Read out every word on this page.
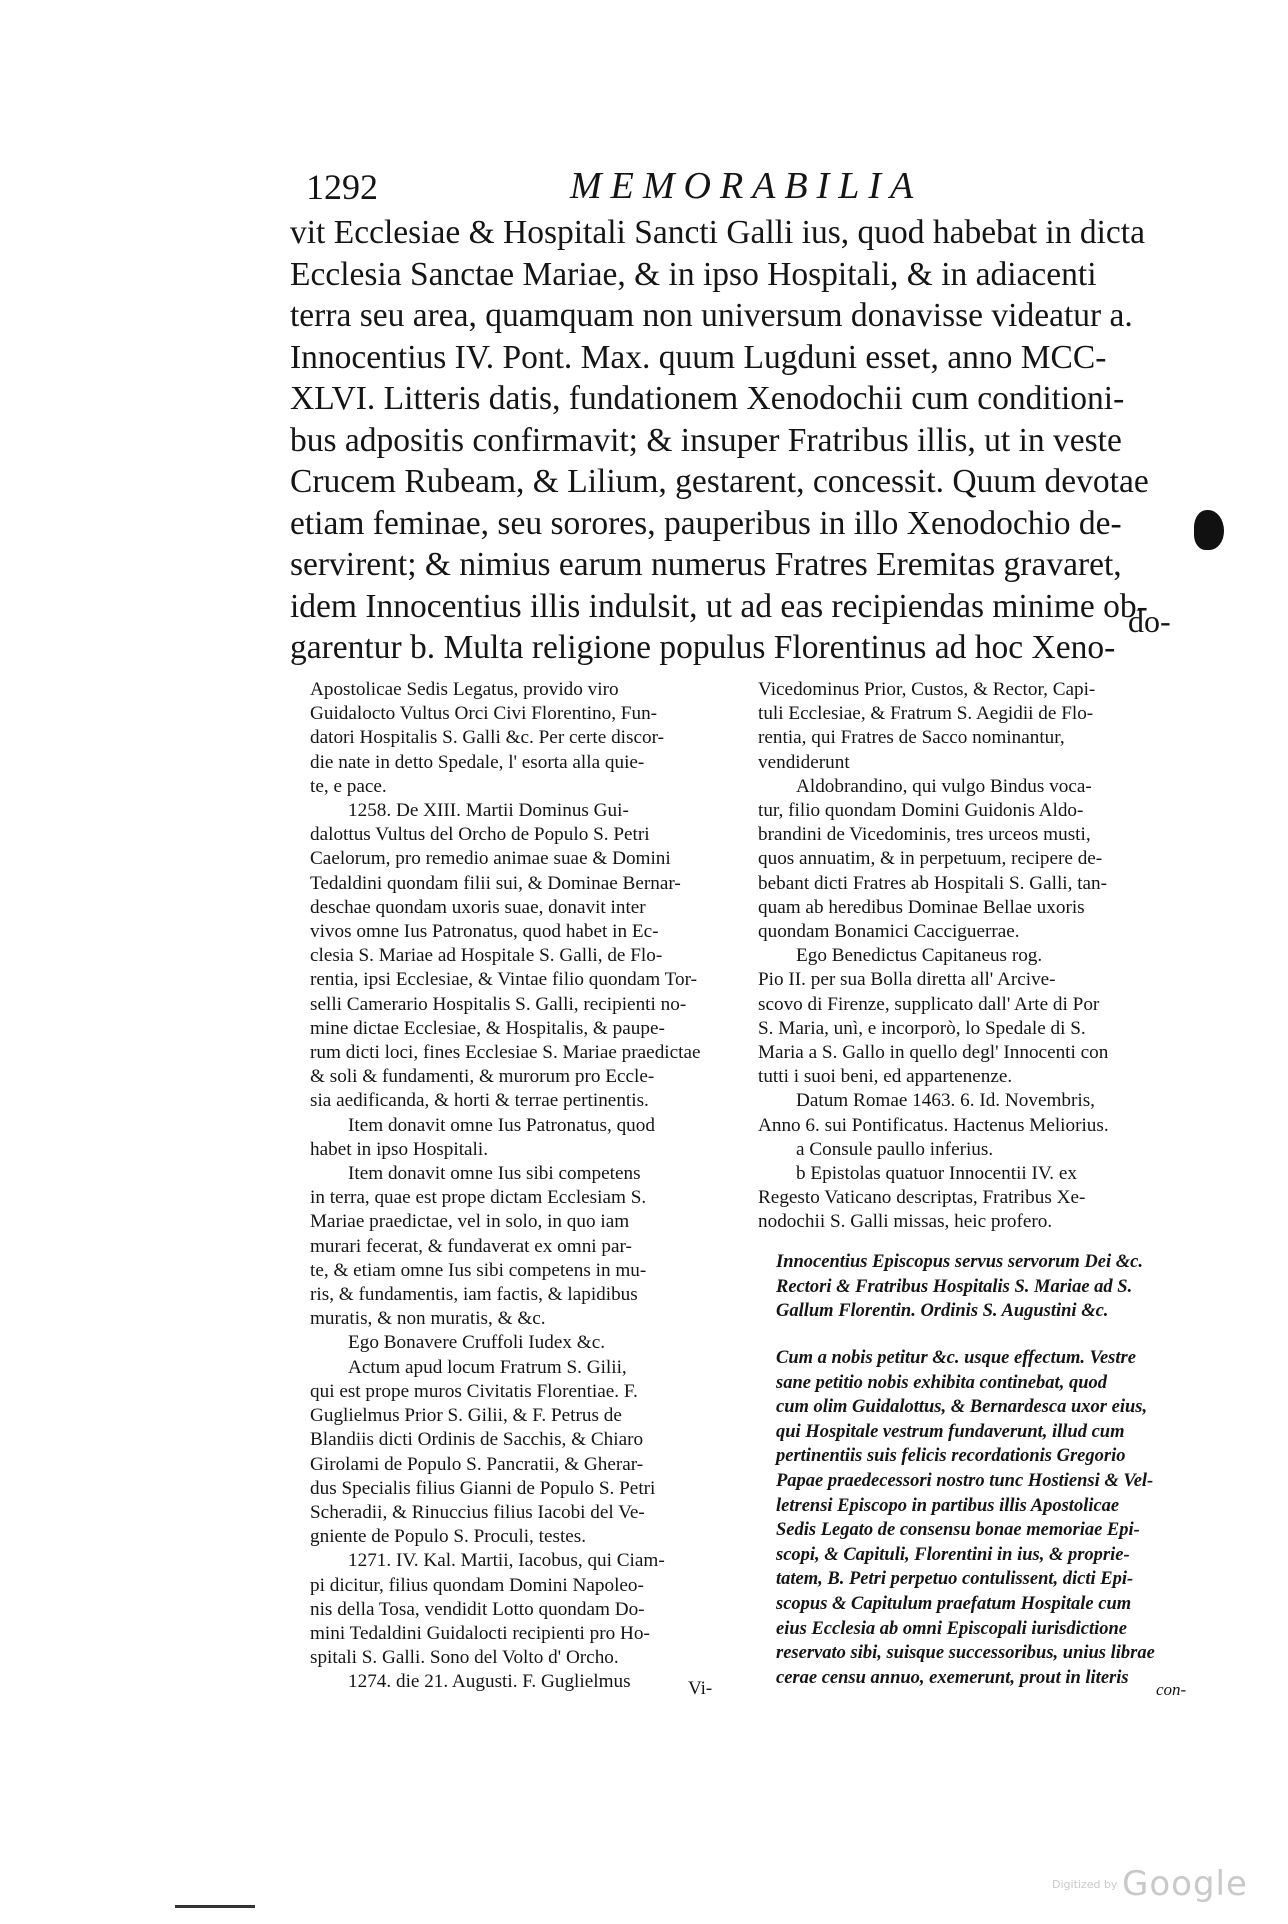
1292	MEMORABILIA

vit Ecclesiae & Hospitali Sancti Galli ius, quod habebat in dicta
Ecclesia Sanctae Mariae, & in ipso Hospitali, & in adiacenti
terra seu area, quamquam non universum donavisse videatur a.
Innocentius IV. Pont. Max. quum Lugduni esset, anno MCC-
XLVI. Litteris datis, fundationem Xenodochii cum conditioni-
bus adpositis confirmavit; & insuper Fratribus illis, ut in veste
Crucem Rubeam, & Lilium, gestarent, concessit. Quum devotae
etiam feminae, seu sorores, pauperibus in illo Xenodochio de-
servirent; & nimius earum numerus Fratres Eremitas gravaret,
idem Innocentius illis indulsit, ut ad eas recipiendas minime ob-
garentur b. Multa religione populus Florentinus ad hoc Xeno-

do-
Apostolicae Sedis Legatus, provido viro
Guidalocto Vultus Orci Civi Florentino, Fun-
datori Hospitalis S. Galli &c. Per certe discor-
die nate in detto Spedale, l' esorta alla quie-
te, e pace.
1258. De XIII. Martii Dominus Gui-
dalottus Vultus del Orcho de Populo S. Petri
Caelorum, pro remedio animae suae & Domini
Tedaldini quondam filii sui, & Dominae Bernar-
deschae quondam uxoris suae, donavit inter
vivos omne Ius Patronatus, quod habet in Ec-
clesia S. Mariae ad Hospitale S. Galli, de Flo-
rentia, ipsi Ecclesiae, & Vintae filio quondam Tor-
selli Camerario Hospitalis S. Galli, recipienti no-
mine dictae Ecclesiae, & Hospitalis, & paupe-
rum dicti loci, fines Ecclesiae S. Mariae praedictae
& soli & fundamenti, & murorum pro Eccle-
sia aedificanda, & horti & terrae pertinentis.
Item donavit omne Ius Patronatus, quod
habet in ipso Hospitali.
Item donavit omne Ius sibi competens
in terra, quae est prope dictam Ecclesiam S.
Mariae praedictae, vel in solo, in quo iam
murari fecerat, & fundaverat ex omni par-
te, & etiam omne Ius sibi competens in mu-
ris, & fundamentis, iam factis, & lapidibus
muratis, & non muratis, & &c.
Ego Bonavere Cruffoli Iudex &c.
Actum apud locum Fratrum S. Gilii,
qui est prope muros Civitatis Florentiae. F.
Guglielmus Prior S. Gilii, & F. Petrus de
Blandiis dicti Ordinis de Sacchis, & Chiaro
Girolami de Populo S. Pancratii, & Gherar-
dus Specialis filius Gianni de Populo S. Petri
Scheradii, & Rinuccius filius Iacobi del Ve-
gniente de Populo S. Proculi, testes.
1271. IV. Kal. Martii, Iacobus, qui Ciam-
pi dicitur, filius quondam Domini Napoleo-
nis della Tosa, vendidit Lotto quondam Do-
mini Tedaldini Guidalocti recipienti pro Ho-
spitali S. Galli. Sono del Volto d' Orcho.
1274. die 21. Augusti. F. Guglielmus	Vi-
Vicedominus Prior, Custos, & Rector, Capi-
tuli Ecclesiae, & Fratrum S. Aegidii de Flo-
rentia, qui Fratres de Sacco nominantur,
vendiderunt
Aldobrandino, qui vulgo Bindus voca-
tur, filio quondam Domini Guidonis Aldo-
brandini de Vicedominis, tres urceos musti,
quos annuatim, & in perpetuum, recipere de-
bebant dicti Fratres ab Hospitali S. Galli, tan-
quam ab heredibus Dominae Bellae uxoris
quondam Bonamici Cacciguerrae.
Ego Benedictus Capitaneus rog.
Pio II. per sua Bolla diretta all' Arcive-
scovo di Firenze, supplicato dall' Arte di Por
S. Maria, unì, e incorporò, lo Spedale di S.
Maria a S. Gallo in quello degl' Innocenti con
tutti i suoi beni, ed appartenenze.
Datum Romae 1463. 6. Id. Novembris,
Anno 6. sui Pontificatus. Hactenus Meliorius.
a Consule paullo inferius.
b Epistolas quatuor Innocentii IV. ex
Regesto Vaticano descriptas, Fratribus Xe-
nodochii S. Galli missas, heic profero.
Innocentius Episcopus servus servorum Dei &c.
Rectori & Fratribus Hospitalis S. Mariae ad S.
Gallum Florentin. Ordinis S. Augustini &c.
Cum a nobis petitur &c. usque effectum. Vestre
sane petitio nobis exhibita continebat, quod
cum olim Guidalottus, & Bernardesca uxor eius,
qui Hospitale vestrum fundaverunt, illud cum
pertinentiis suis felicis recordationis Gregorio
Papae praedecessori nostro tunc Hostiensi & Vel-
letrensi Episcopo in partibus illis Apostolicae
Sedis Legato de consensu bonae memoriae Epi-
scopi, & Capituli, Florentini in ius, & proprie-
tatem, B. Petri perpetuo contulissent, dicti Epi-
scopus & Capitulum praefatum Hospitale cum
eius Ecclesia ab omni Episcopali iurisdictione
reservato sibi, suisque successoribus, unius librae
cerae censu annuo, exemerunt, prout in literis
con-
Digitized by Google
